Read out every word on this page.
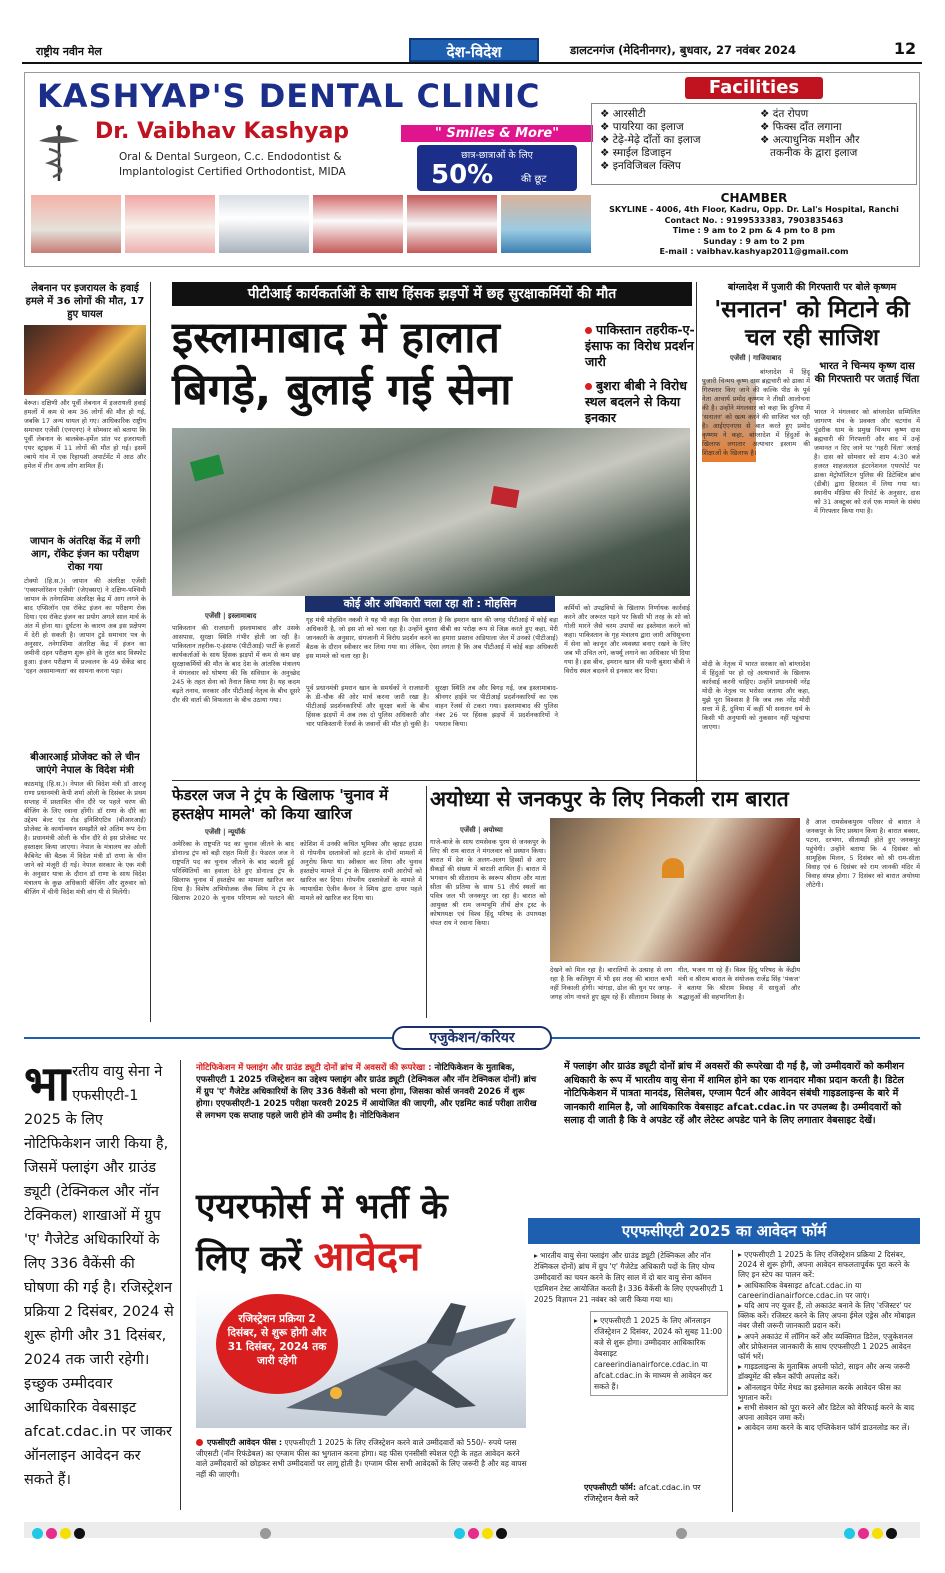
राष्ट्रीय नवीन मेल	देश-विदेश	डालटनगंज (मेदिनीनगर), बुधवार, 27 नवंबर 2024	12
KASHYAP'S DENTAL CLINIC
Dr. Vaibhav Kashyap
Oral & Dental Surgeon, C.c. Endodontist &
Implantologist Certified Orthodontist, MIDA
" Smiles & More"
छात्र-छात्राओं के लिए
50%	की छूट
Facilities
❖ आरसीटी
❖ पायरिया का इलाज
❖ टेढ़े-मेढ़े दाँतों का इलाज
❖ स्माईल डिजाइन
❖ इनविजिबल क्लिप
❖ दंत रोपण
❖ फिक्स दाँत लगाना
❖ अत्याधुनिक मशीन और
तकनीक के द्वारा इलाज
CHAMBER
SKYLINE - 4006, 4th Floor, Kadru, Opp. Dr. Lal's Hospital, Ranchi
Contact No. : 9199533383, 7903835463
Time : 9 am to 2 pm & 4 pm to 8 pm
Sunday : 9 am to 2 pm
E-mail : vaibhav.kashyap2011@gmail.com
लेबनान पर इजरायल के हवाई हमले में 36 लोगों की मौत, 17 हुए घायल
बेरूत। दक्षिणी और पूर्वी लेबनान में इजरायली हवाई हमलों में कम से कम 36 लोगों की मौत हो गई, जबकि 17 अन्य घायल हो गए। आधिकारिक राष्ट्रीय समाचार एजेंसी (एनएनए) ने सोमवार को बताया कि पूर्वी लेबनान के बालबेक-हर्मेल प्रांत पर इजरायली एयर स्ट्राइक में 11 लोगों की मौत हो गई। इसमें ल्बाये गांव में एक रिहायशी अपार्टमेंट में आठ और हमेल में तीन अन्य लोग शामिल हैं।
जापान के अंतरिक्ष केंद्र में लगी आग, रॉकेट इंजन का परीक्षण रोका गया
टोक्यो (हि.स.)। जापान की अंतरिक्ष एजेंसी 'एक्सप्लोरेशन एजेंसी' (जेएक्सए) ने दक्षिण-पश्चिमी जापान के तनेगाशिमा अंतरिक्ष केंद्र में आग लगने के बाद एप्सिलॉन एस रॉकेट इंजन का परीक्षण रोक दिया। एस रॉकेट इंजन का प्रयोग अगले साल मार्च के अंत में होना था। दुर्घटना के कारण अब इस प्रक्षेपण में देरी हो सकती है। जापान टुडे समाचार पत्र के अनुसार, तनेगाशिमा अंतरिक्ष केंद्र में इंजन का जमीनी दहन परीक्षण शुरू होने के तुरंत बाद विस्फोट हुआ। इंजन परीक्षण में प्रज्वलन के 49 सेकेंड बाद 'दहन असामान्यता' का सामना करना पड़ा।
बीआरआई प्रोजेक्ट को ले चीन जाएंगे नेपाल के विदेश मंत्री
काठमांडू (हि.स.)। नेपाल की विदेश मंत्री डॉ आरजू राणा प्रधानमंत्री केपी शर्मा ओली के दिसंबर के प्रथम सप्ताह में प्रस्तावित चीन दौरे पर पहले चरण की बीजिंग के लिए रवाना होंगी। डॉ राणा के दौरे का उद्देश्य बेल्ट एंड रोड इनिशिएटिव (बीआरआई) प्रोजेक्ट के कार्यान्वयन समझौते को अंतिम रूप देना है। प्रधानमंत्री ओली के चीन दौरे से इस प्रोजेक्ट पर हस्ताक्षर किया जाएगा। नेपाल के मंत्रालय का ओली कैबिनेट की बैठक में विदेश मंत्री डॉ राणा के चीन जाने को मंजूरी दी गई। नेपाल सरकार के एक मंत्री के अनुसार यात्रा के दौरान डॉ राणा के साथ विदेश मंत्रालय के कुछ अधिकारी बीजिंग और शुरुवार को बीजिंग में चीनी विदेश मंत्री वांग यी से मिलेंगी।
पीटीआई कार्यकर्ताओं के साथ हिंसक झड़पों में छह सुरक्षाकर्मियों की मौत
इस्लामाबाद में हालात बिगड़े, बुलाई गई सेना
पाकिस्तान तहरीक-ए-इंसाफ का विरोध प्रदर्शन जारी
बुशरा बीबी ने विरोध स्थल बदलने से किया इनकार
कोई और अधिकारी चला रहा शो : मोहसिन
एजेंसी | इस्लामाबाद
पाकिस्तान की राजधानी इस्लामाबाद और उसके आसपास, सुरक्षा स्थिति गंभीर होती जा रही है। पाकिस्तान तहरीक-ए-इंसाफ (पीटीआई) पार्टी के हजारों कार्यकर्ताओं के साथ हिंसक झड़पों में कम से कम छह सुरक्षाकर्मियों की मौत के बाद देश के आंतरिक मंत्रालय ने मंगलवार को घोषणा की कि संविधान के अनुच्छेद 245 के तहत सेना को तैनात किया गया है। यह कदम बढ़ते तनाव, सरकार और पीटीआई नेतृत्व के बीच दूसरे दौर की वार्ता की विफलता के बीच उठाया गया।
गृह मंत्री मोहसिन नकवी ने यह भी कहा कि ऐसा लगता है कि इमरान खान की जगह पीटीआई में कोई बड़ा अधिकारी है, जो इस शो को चला रहा है। उन्होंने बुशरा बीबी का परोक्ष रूप से जिक्र करते हुए कहा, मेरी जानकारी के अनुसार, संगजानी में विरोध प्रदर्शन करने का हमारा प्रस्ताव अडियाला जेल में उनको (पीटीआई) बैठक के दौरान स्वीकार कर लिया गया था। लेकिन, ऐसा लगता है कि अब पीटीआई में कोई बड़ा अधिकारी इस मामले को चला रहा है।
पूर्व प्रधानमंत्री इमरान खान के समर्थकों ने राजधानी के डी-चौक की ओर मार्च करना जारी रखा है। पीटीआई प्रदर्शनकारियों और सुरक्षा बलों के बीच हिंसक झड़पों में अब तक दो पुलिस अधिकारी और चार पाकिस्तानी रेंजर्स के जवानों की मौत हो चुकी है। सुरक्षा स्थिति तब और बिगड़ गई, जब इस्लामाबाद-श्रीनगर हाईवे पर पीटीआई प्रदर्शनकारियों का एक वाहन रेंजर्स से टकरा गया। इस्लामाबाद की पुलिस नंबर 26 पर हिंसक झड़पों में प्रदर्शनकारियों ने पथराव किया।
कर्मियों को उपद्रवियों के खिलाफ निर्णायक कार्रवाई करने और जरूरत पड़ने पर किसी भी तरह के शो को गोली मारने जैसे चरम उपायों का इस्तेमाल करने को कहा। पाकिस्तान के गृह मंत्रालय द्वारा जारी अधिसूचना में सेना को कानून और व्यवस्था बनाए रखने के लिए जब भी उचित लगे, कर्फ्यू लगाने का अधिकार भी दिया गया है। इस बीच, इमरान खान की पत्नी बुशरा बीबी ने विरोध स्थल बदलने से इनकार कर दिया।
बांग्लादेश में पुजारी की गिरफ्तारी पर बोले कृष्णम
'सनातन' को मिटाने की चल रही साजिश
एजेंसी | गाजियाबाद
बांग्लादेश में हिंदू पुजारी चिन्मय कृष्ण दास ब्रह्मचारी को ढाका में गिरफ्तार किए जाने की कल्कि पीठ के पूर्व नेता आचार्य प्रमोद कृष्णम ने तीखी आलोचना की है। उन्होंने मंगलवार को कहा कि दुनिया में 'सनातन' को खत्म करने की साजिश चल रही है। आईएएनएस से बात करते हुए प्रमोद कृष्णम ने कहा, बांग्लादेश में हिंदुओं के खिलाफ लगातार अत्याचार इस्लाम की शिक्षाओं के खिलाफ है।
भारत ने चिन्मय कृष्ण दास की गिरफ्तारी पर जताई चिंता
भारत ने मंगलवार को बांग्लादेश सम्मिलित जागरण मंच के प्रवक्ता और चटगांव में पुंडरीक धाम के प्रमुख चिन्मय कृष्ण दास ब्रह्मचारी की गिरफ्तारी और बाद में उन्हें जमानत न दिए जाने पर 'गहरी चिंता' जताई है। दास को सोमवार को शाम 4:30 बजे हजरत शाहजलाल इंटरनेशनल एयरपोर्ट पर ढाका मेट्रोपॉलिटन पुलिस की डिटेक्टिव ब्रांच (डीबी) द्वारा हिरासत में लिया गया था। स्थानीय मीडिया की रिपोर्ट के अनुसार, दास को 31 अक्टूबर को दर्ज एक मामले के संबंध में गिरफ्तार किया गया है।
मोदी के नेतृत्व में भारत सरकार को बांग्लादेश में हिंदुओं पर हो रहे अत्याचारों के खिलाफ कार्रवाई करनी चाहिए। उन्होंने प्रधानमंत्री नरेंद्र मोदी के नेतृत्व पर भरोसा जताया और कहा, मुझे पूरा विश्वास है कि जब तक नरेंद्र मोदी सत्ता में हैं, दुनिया में कहीं भी सनातन धर्म के किसी भी अनुयायी को नुकसान नहीं पहुंचाया जाएगा।
फेडरल जज ने ट्रंप के खिलाफ 'चुनाव में हस्तक्षेप मामले' को किया खारिज
एजेंसी | न्यूयॉर्क
अमेरिका के राष्ट्रपति पद का चुनाव जीतने के बाद डोनाल्ड ट्रंप को बड़ी राहत मिली है। फेडरल जज ने राष्ट्रपति पद का चुनाव जीतने के बाद बदली हुई परिस्थितियों का हवाला देते हुए डोनाल्ड ट्रंप के खिलाफ चुनाव में हस्तक्षेप का मामला खारिज कर दिया है। विशेष अभियोजक जैक स्मिथ ने ट्रंप के खिलाफ 2020 के चुनाव परिणाम को पलटने की कोशिश में उनकी कथित भूमिका और व्हाइट हाउस से गोपनीय दस्तावेजों को हटाने के दोनों मामलों में अनुरोध किया था। स्वीकार कर लिया और चुनाव हस्तक्षेप मामले में ट्रंप के खिलाफ सभी आरोपों को खारिज कर दिया। गोपनीय दस्तावेजों के मामले में न्यायाधीश ऐलीन कैनन ने स्मिथ द्वारा दायर पहले मामले को खारिज कर दिया था।
अयोध्या से जनकपुर के लिए निकली राम बारात
एजेंसी | अयोध्या
गाजे-बाजे के साथ रामसेवक पुरम से जनकपुर के लिए श्री राम बारात ने मंगलवार को प्रस्थान किया। बारात में देश के अलग-अलग हिस्सों से आए सैकड़ों की संख्या में बाराती शामिल हैं। बारात में भगवान श्री सीताराम के स्वरूप श्रीराम और माता सीता की प्रतिमा के साथ 51 तीर्थ स्थलों का पवित्र जल भी जनकपुर जा रहा है। बारात को आयुक्त श्री राम जन्मभूमि तीर्थ क्षेत्र ट्रस्ट के कोषाध्यक्ष एवं विश्व हिंदू परिषद के उपाध्यक्ष चंपत राय ने रवाना किया।
देखने को मिल रहा है। बारातियों के उत्साह से लग रहा है कि कलियुग में भी इस तरह की बारात कभी नहीं निकाली होगी। भांगड़ा, ढोल की धुन पर जगह-जगह लोग नाचते हुए झूम रहे हैं। सीताराम विवाह के गीत, भजन गा रहे हैं। विश्व हिंदू परिषद के केंद्रीय मंत्री व श्रीराम बारात के संयोजक राजेंद्र सिंह 'पंकज' ने बताया कि श्रीराम विवाह में साधुओं और श्रद्धालुओं की सहभागिता है।
है आज रामसेवकपुरम परिसर से बारात ने जनकपुर के लिए प्रस्थान किया है। बारात बक्सर, पटना, दरभंगा, सीतामढ़ी होते हुए जनकपुर पहुंचेगी। उन्होंने बताया कि 4 दिसंबर को सामूहिक मिलन, 5 दिसंबर को श्री राम-सीता विवाह एवं 6 दिसंबर को राम जानकी मंदिर में विवाह संपन्न होगा। 7 दिसंबर को बारात अयोध्या लौटेगी।
एजुकेशन/करियर
भारतीय वायु सेना ने एफसीएटी-1 2025 के लिए नोटिफिकेशन जारी किया है, जिसमें फ्लाइंग और ग्राउंड ड्यूटी (टेक्निकल और नॉन टेक्निकल) शाखाओं में ग्रुप 'ए' गैजेटेड अधिकारियों के लिए 336 वैकेंसी की घोषणा की गई है। रजिस्ट्रेशन प्रक्रिया 2 दिसंबर, 2024 से शुरू होगी और 31 दिसंबर, 2024 तक जारी रहेगी। इच्छुक उम्मीदवार आधिकारिक वेबसाइट afcat.cdac.in पर जाकर ऑनलाइन आवेदन कर सकते हैं।
नोटिफिकेशन में फ्लाइंग और ग्राउंड ड्यूटी दोनों ब्रांच में अवसरों की रूपरेखा : नोटिफिकेशन के मुताबिक, एफसीएटी 1 2025 रजिस्ट्रेशन का उद्देश्य फ्लाइंग और ग्राउंड ड्यूटी (टेक्निकल और नॉन टेक्निकल दोनों) ब्रांच में ग्रुप 'ए' गैजेटेड अधिकारियों के लिए 336 वैकेंसी को भरना होगा, जिसका कोर्स जनवरी 2026 में शुरू होगा। एएफसीएटी-1 2025 परीक्षा फरवरी 2025 में आयोजित की जाएगी, और एडमिट कार्ड परीक्षा तारीख से लगभग एक सप्ताह पहले जारी होने की उम्मीद है। नोटिफिकेशन
में फ्लाइंग और ग्राउंड ड्यूटी दोनों ब्रांच में अवसरों की रूपरेखा दी गई है, जो उम्मीदवारों को कमीशन अधिकारी के रूप में भारतीय वायु सेना में शामिल होने का एक शानदार मौका प्रदान करती है। डिटेल नोटिफिकेशन में पात्रता मानदंड, सिलेबस, एग्जाम पैटर्न और आवेदन संबंधी गाइडलाइन्स के बारे में जानकारी शामिल है, जो आधिकारिक वेबसाइट afcat.cdac.in पर उपलब्ध है। उम्मीदवारों को सलाह दी जाती है कि वे अपडेट रहें और लेटेस्ट अपडेट पाने के लिए लगातार वेबसाइट देखें।
एयरफोर्स में भर्ती के
लिए करें आवेदन
रजिस्ट्रेशन प्रक्रिया 2 दिसंबर, से शुरू होगी और 31 दिसंबर, 2024 तक जारी रहेगी
एफसीएटी आवेदन फीस : एएफसीएटी 1 2025 के लिए रजिस्ट्रेशन करने वाले उम्मीदवारों को 550/- रुपये प्लस जीएसटी (नॉन रिफंडेबल) का एग्जाम फीस का भुगतान करना होगा। यह फीस एनसीसी स्पेशल एंट्री के तहत आवेदन करने वाले उम्मीदवारों को छोड़कर सभी उम्मीदवारों पर लागू होती है। एग्जाम फीस सभी आवेदकों के लिए जरूरी है और वह वापस नहीं की जाएगी।
एएफसीएटी 2025 का आवेदन फॉर्म
▸ भारतीय वायु सेना फ्लाइंग और ग्राउंड ड्यूटी (टेक्निकल और नॉन टेक्निकल दोनों) ब्रांच में ग्रुप 'ए' गैजेटेड अधिकारी पदों के लिए योग्य उम्मीदवारों का चयन करने के लिए साल में दो बार वायु सेना कॉमन एडमिशन टेस्ट आयोजित करती है। 336 वैकेंसी के लिए एएफसीएटी 1 2025 विज्ञापन 21 नवंबर को जारी किया गया था।
▸ एएफसीएटी 1 2025 के लिए ऑनलाइन रजिस्ट्रेशन 2 दिसंबर, 2024 को सुबह 11:00 बजे से शुरू होगा। उम्मीदवार आधिकारिक वेबसाइट careerindianairforce.cdac.in या afcat.cdac.in के माध्यम से आवेदन कर सकते हैं।
एएफसीएटी फॉर्म: afcat.cdac.in पर रजिस्ट्रेशन कैसे करें
▸ एएफसीएटी 1 2025 के लिए रजिस्ट्रेशन प्रक्रिया 2 दिसंबर, 2024 से शुरू होगी, अपना आवेदन सफलतापूर्वक पूरा करने के लिए इन स्टेप का पालन करें:
▸ आधिकारिक वेबसाइट afcat.cdac.in या careerindianairforce.cdac.in पर जाएं।
▸ यदि आप नए यूजर हैं, तो अकाउंट बनाने के लिए 'रजिस्टर' पर क्लिक करें। रजिस्टर करने के लिए अपना ईमेल एड्रेस और मोबाइल नंबर जैसी जरूरी जानकारी प्रदान करें।
▸ अपने अकाउंट में लॉगिन करें और व्यक्तिगत डिटेल, एजुकेशनल और प्रोफेशनल जानकारी के साथ एएफसीएटी 1 2025 आवेदन फॉर्म भरें।
▸ गाइडलाइन्स के मुताबिक अपनी फोटो, साइन और अन्य जरूरी डॉक्यूमेंट की स्कैन कॉपी अपलोड करें।
▸ ऑनलाइन पेमेंट मेथड का इस्तेमाल करके आवेदन फीस का भुगतान करें।
▸ सभी सेक्शन को पूरा करने और डिटेल को वेरिफाई करने के बाद अपना आवेदन जमा करें।
▸ आवेदन जमा करने के बाद एप्लिकेशन फॉर्म डाउनलोड कर लें।
